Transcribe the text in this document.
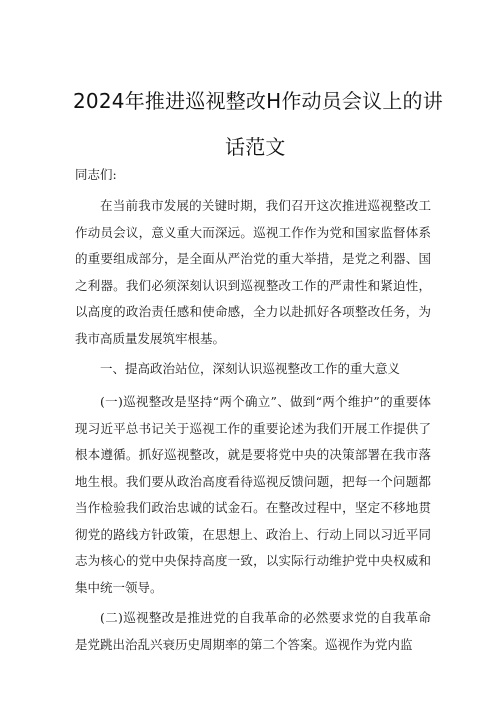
2024年推进巡视整改H作动员会议上的讲
话范文

同志们:

在当前我市发展的关键时期，我们召开这次推进巡视整改工作动员会议，意义重大而深远。巡视工作作为党和国家监督体系的重要组成部分，是全面从严治党的重大举措，是党之利器、国之利器。我们必须深刻认识到巡视整改工作的严肃性和紧迫性，以高度的政治责任感和使命感，全力以赴抓好各项整改任务，为我市高质量发展筑牢根基。

一、提高政治站位，深刻认识巡视整改工作的重大意义

(一)巡视整改是坚持“两个确立”、做到“两个维护”的重要体现习近平总书记关于巡视工作的重要论述为我们开展工作提供了根本遵循。抓好巡视整改，就是要将党中央的决策部署在我市落地生根。我们要从政治高度看待巡视反馈问题，把每一个问题都当作检验我们政治忠诚的试金石。在整改过程中，坚定不移地贯彻党的路线方针政策，在思想上、政治上、行动上同以习近平同志为核心的党中央保持高度一致，以实际行动维护党中央权威和集中统一领导。

(二)巡视整改是推进党的自我革命的必然要求党的自我革命是党跳出治乱兴衰历史周期率的第二个答案。巡视作为党内监
